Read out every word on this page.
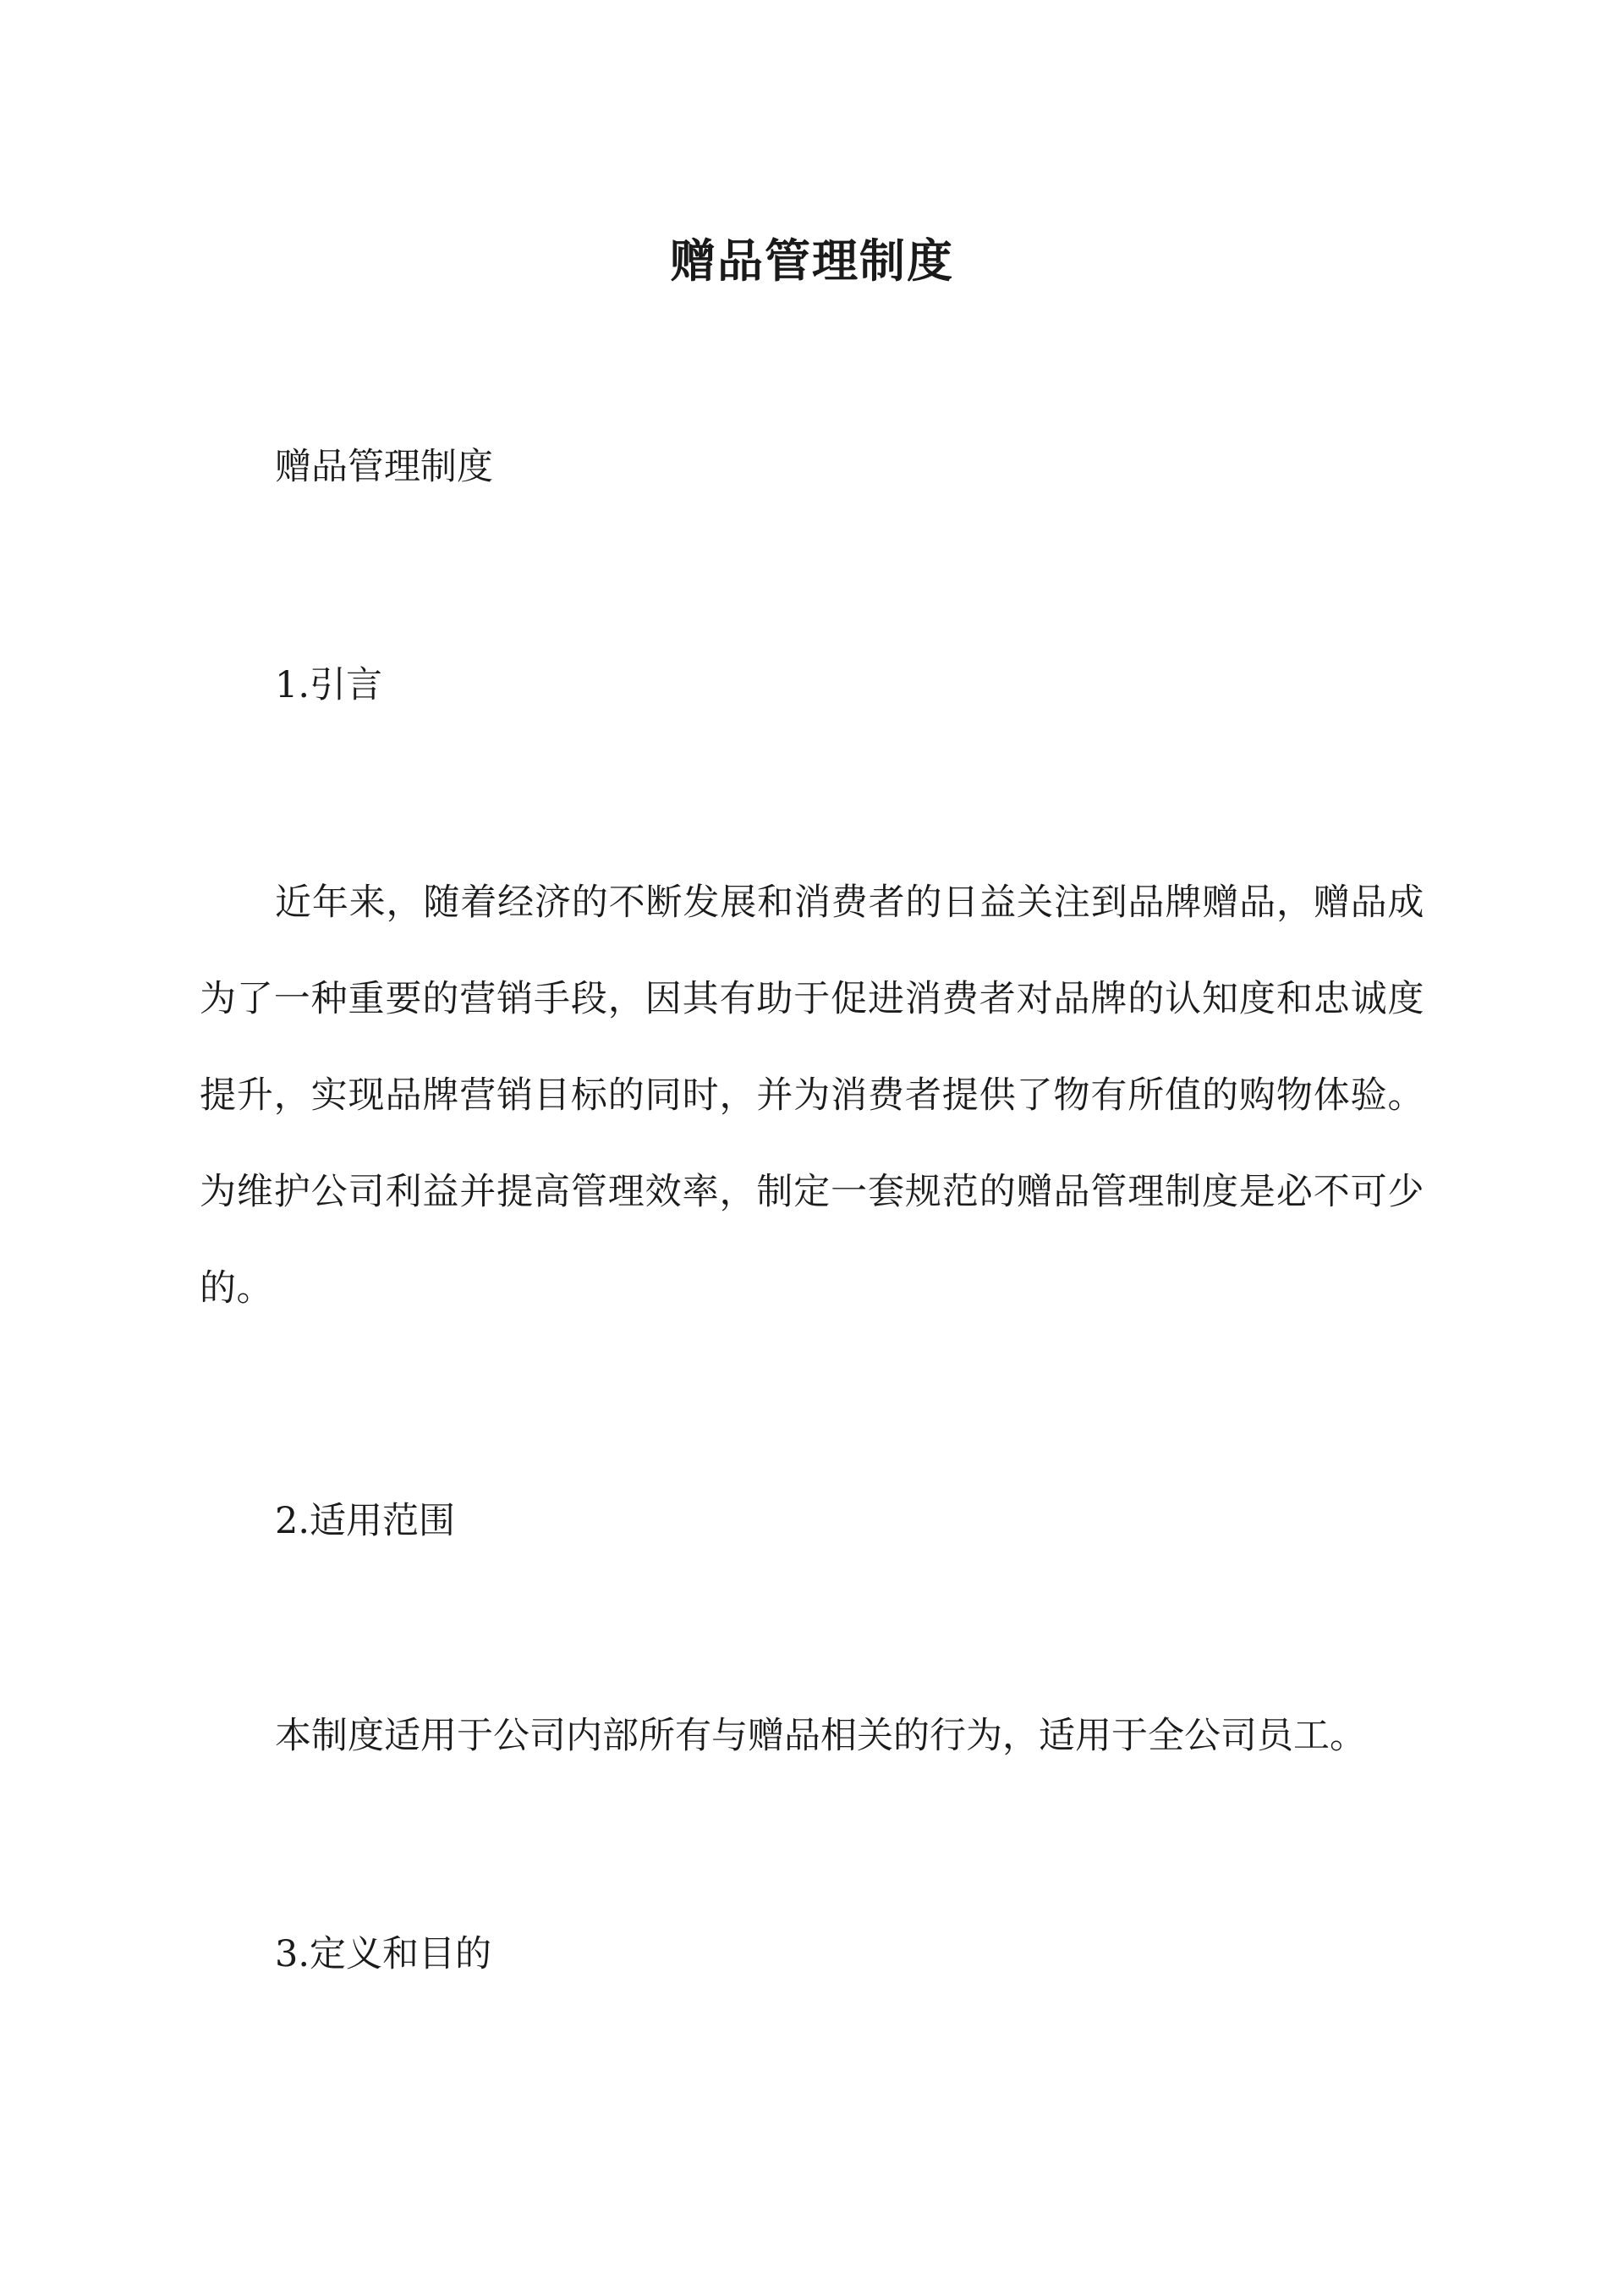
赠品管理制度

赠品管理制度

1.引言

近年来，随着经济的不断发展和消费者的日益关注到品牌赠品，赠品成为了一种重要的营销手段，因其有助于促进消费者对品牌的认知度和忠诚度提升，实现品牌营销目标的同时，并为消费者提供了物有所值的购物体验。为维护公司利益并提高管理效率，制定一套规范的赠品管理制度是必不可少的。

2.适用范围

本制度适用于公司内部所有与赠品相关的行为，适用于全公司员工。

3.定义和目的
